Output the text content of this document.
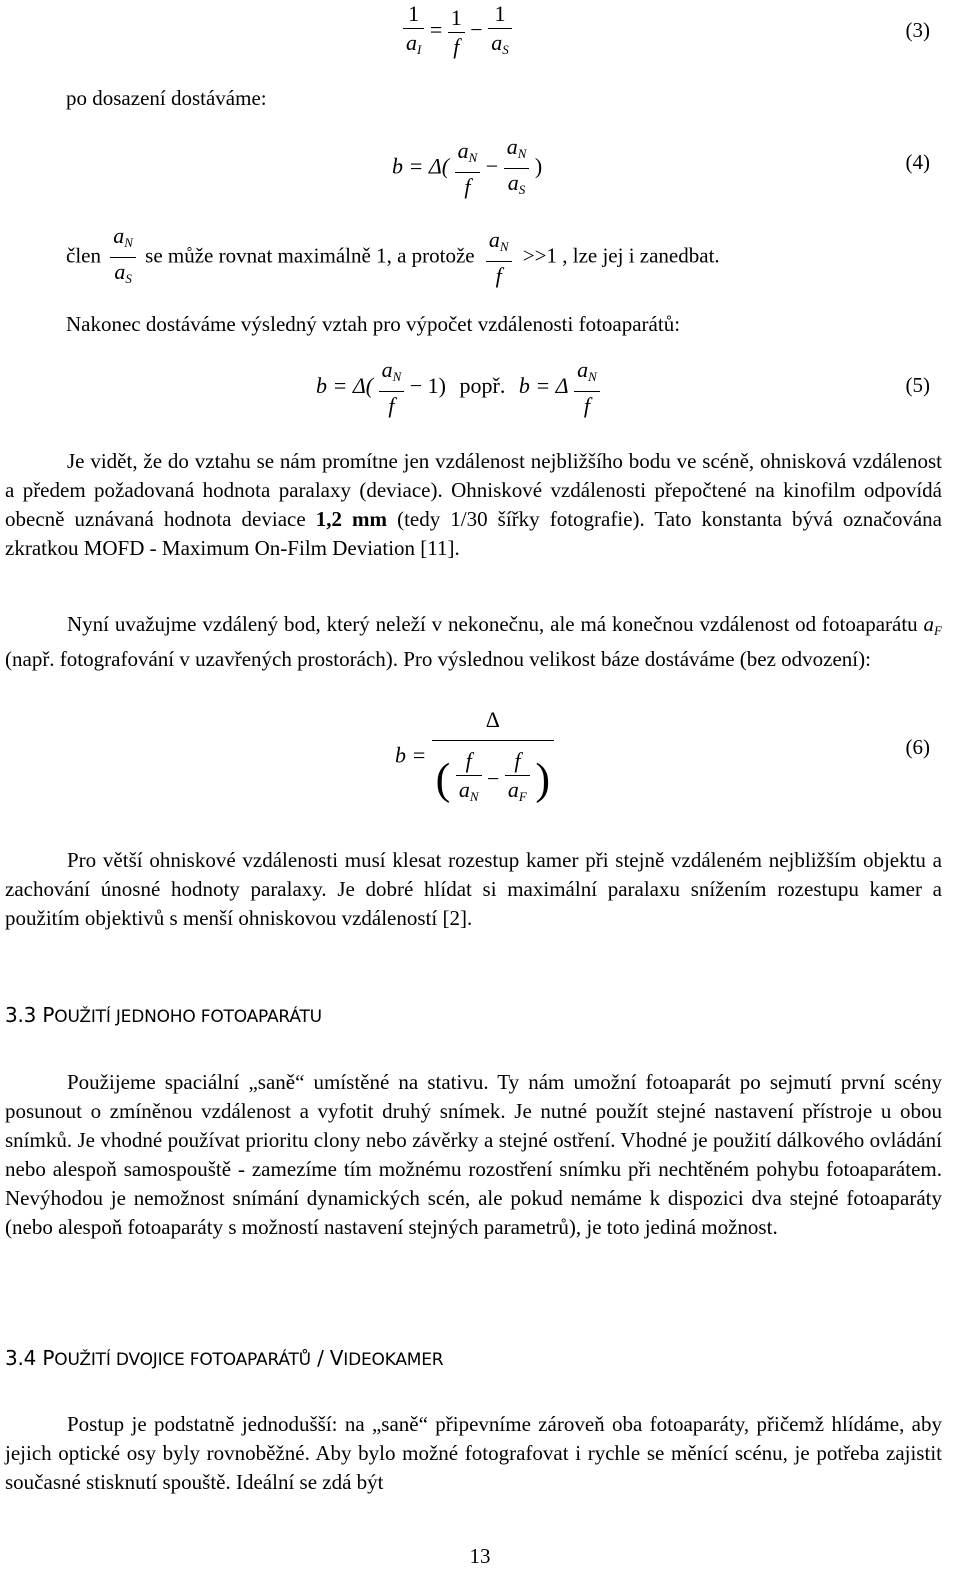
$\frac{1}{a_I} = \frac{1}{f} - \frac{1}{a_S}$	(3)
po dosazení dostáváme:
$b = \Delta( \frac{a_N}{f} - \frac{a_N}{a_S}$ )	(4)
člen $\frac{a_N}{a_S}$ se může rovnat maximálně 1, a protože $\frac{a_N}{f} >>1$ , lze jej i zanedbat.
Nakonec dostáváme výsledný vztah pro výpočet vzdálenosti fotoaparátů:
$b = \Delta( \frac{a_N}{f} - 1)$ popř. b = Δ $\frac{a_N}{f}$	(5)

Je vidět, že do vztahu se nám promítne jen vzdálenost nejbližšího bodu ve scéně, ohnisková vzdálenost a předem požadovaná hodnota paralaxy (deviace). Ohniskové vzdálenosti přepočtené na kinofilm odpovídá obecně uznávaná hodnota deviace 1,2 mm (tedy 1/30 šířky fotografie). Tato konstanta bývá označována zkratkou MOFD - Maximum On-Film Deviation [11].

Nyní uvažujme vzdálený bod, který neleží v nekonečnu, ale má konečnou vzdálenost od fotoaparátu $a_F$ (např. fotografování v uzavřených prostorách). Pro výslednou velikost báze dostáváme (bez odvození):

b =
Δ
( $\frac{f}{a_N} - \frac{f}{a_F}$ )
(6)

Pro větší ohniskové vzdálenosti musí klesat rozestup kamer při stejně vzdáleném nejbližším objektu a zachování únosné hodnoty paralaxy. Je dobré hlídat si maximální paralaxu snížením rozestupu kamer a použitím objektivů s menší ohniskovou vzdáleností [2].

3.3 POUŽITÍ JEDNOHO FOTOAPARÁTU

Použijeme spaciální „saně“ umístěné na stativu. Ty nám umožní fotoaparát po sejmutí první scény posunout o zmíněnou vzdálenost a vyfotit druhý snímek. Je nutné použít stejné nastavení přístroje u obou snímků. Je vhodné používat prioritu clony nebo závěrky a stejné ostření. Vhodné je použití dálkového ovládání nebo alespoň samospouště - zamezíme tím možnému rozostření snímku při nechtěném pohybu fotoaparátem. Nevýhodou je nemožnost snímání dynamických scén, ale pokud nemáme k dispozici dva stejné fotoaparáty (nebo alespoň fotoaparáty s možností nastavení stejných parametrů), je toto jediná možnost.

3.4 POUŽITÍ DVOJICE FOTOAPARÁTŮ / VIDEOKAMER

Postup je podstatně jednodušší: na „saně“ připevníme zároveň oba fotoaparáty, přičemž hlídáme, aby jejich optické osy byly rovnoběžné. Aby bylo možné fotografovat i rychle se měnící scénu, je potřeba zajistit současné stisknutí spouště. Ideální se zdá být

13
